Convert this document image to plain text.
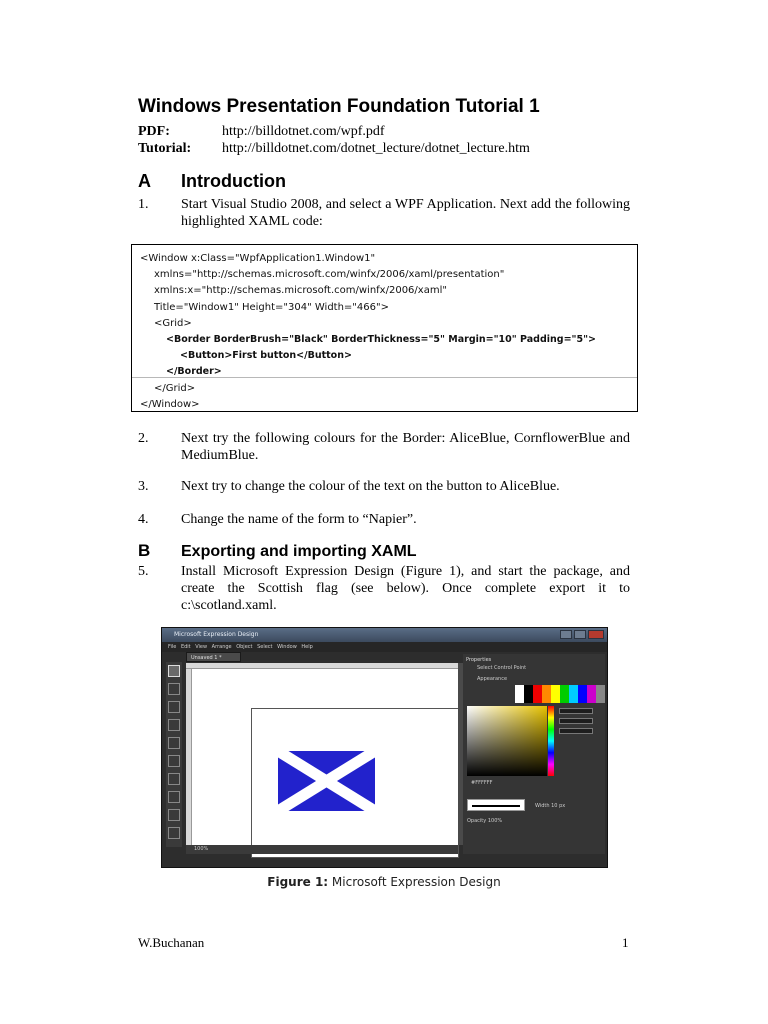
Windows Presentation Foundation Tutorial 1
PDF:	http://billdotnet.com/wpf.pdf
Tutorial: http://billdotnet.com/dotnet_lecture/dotnet_lecture.htm
A Introduction
1. Start Visual Studio 2008, and select a WPF Application. Next add the following highlighted XAML code:
<Window x:Class="WpfApplication1.Window1"
xmlns="http://schemas.microsoft.com/winfx/2006/xaml/presentation"
xmlns:x="http://schemas.microsoft.com/winfx/2006/xaml"
Title="Window1" Height="304" Width="466">
<Grid>
<Border BorderBrush="Black" BorderThickness="5" Margin="10" Padding="5">
<Button>First button</Button>
</Border>
</Grid>
</Window>
2. Next try the following colours for the Border: AliceBlue, CornflowerBlue and MediumBlue.
3. Next try to change the colour of the text on the button to AliceBlue.
4. Change the name of the form to “Napier”.
B Exporting and importing XAML
5. Install Microsoft Expression Design (Figure 1), and start the package, and create the Scottish flag (see below). Once complete export it to c:\scotland.xaml.
Microsoft Expression Design
File Edit View Arrange Object Select Window Help
Unsaved 1 *
100%
Properties
Select Control Point
Appearance
#FFFFFF
Width 10 px
Opacity 100%
Figure 1: Microsoft Expression Design
W.Buchanan	1
